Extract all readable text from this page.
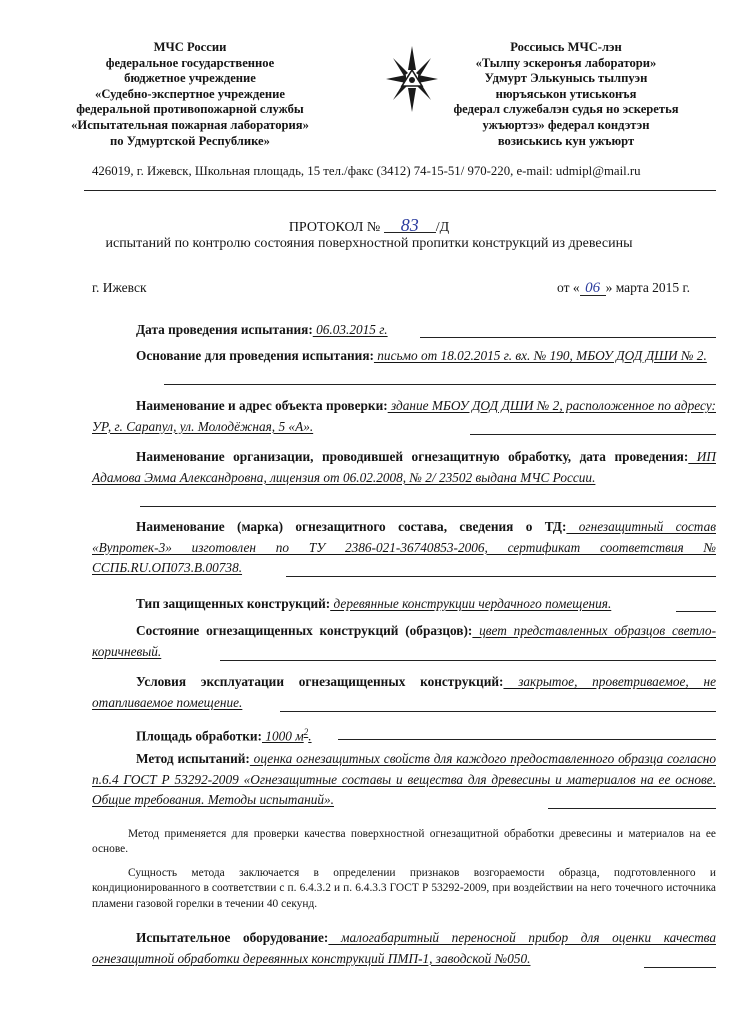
МЧС России
федеральное государственное
бюджетное учреждение
«Судебно-экспертное учреждение
федеральной противопожарной службы
«Испытательная пожарная лаборатория»
по Удмуртской Республике»
Россиысь МЧС-лэн
«Тылпу эскеронъя лаборатори»
Удмурт Элькунысь тылпуэн
нюръяськон утиськонъя
федерал служебалэн судья но эскеретья
ужъюртэз» федерал кондэтэн
возиськись кун ужъюрт
426019, г. Ижевск, Школьная площадь, 15 тел./факс (3412) 74-15-51/ 970-220, e-mail: udmipl@mail.ru
ПРОТОКОЛ № 83 /Д
испытаний по контролю состояния поверхностной пропитки конструкций из древесины
г. Ижевск	от « 06 » марта 2015 г.
Дата проведения испытания: 06.03.2015 г.
Основание для проведения испытания: письмо от 18.02.2015 г. вх. № 190, МБОУ ДОД ДШИ № 2.
Наименование и адрес объекта проверки: здание МБОУ ДОД ДШИ № 2, расположенное по адресу: УР, г. Сарапул, ул. Молодёжная, 5 «А».
Наименование организации, проводившей огнезащитную обработку, дата проведения: ИП Адамова Эмма Александровна, лицензия от 06.02.2008, № 2/ 23502 выдана МЧС России.
Наименование (марка) огнезащитного состава, сведения о ТД: огнезащитный состав «Вупротек-3» изготовлен по ТУ 2386-021-36740853-2006, сертификат соответствия № ССПБ.RU.ОП073.В.00738.
Тип защищенных конструкций: деревянные конструкции чердачного помещения.
Состояние огнезащищенных конструкций (образцов): цвет представленных образцов светло-коричневый.
Условия эксплуатации огнезащищенных конструкций: закрытое, проветриваемое, не отапливаемое помещение.
Площадь обработки: 1000 $м^2$.
Метод испытаний: оценка огнезащитных свойств для каждого предоставленного образца согласно п.6.4 ГОСТ Р 53292-2009 «Огнезащитные составы и вещества для древесины и материалов на ее основе. Общие требования. Методы испытаний».
Метод применяется для проверки качества поверхностной огнезащитной обработки древесины и материалов на ее основе.
Сущность метода заключается в определении признаков возгораемости образца, подготовленного и кондиционированного в соответствии с п. 6.4.3.2 и п. 6.4.3.3 ГОСТ Р 53292-2009, при воздействии на него точечного источника пламени газовой горелки в течении 40 секунд.
Испытательное оборудование: малогабаритный переносной прибор для оценки качества огнезащитной обработки деревянных конструкций ПМП-1, заводской №050.
